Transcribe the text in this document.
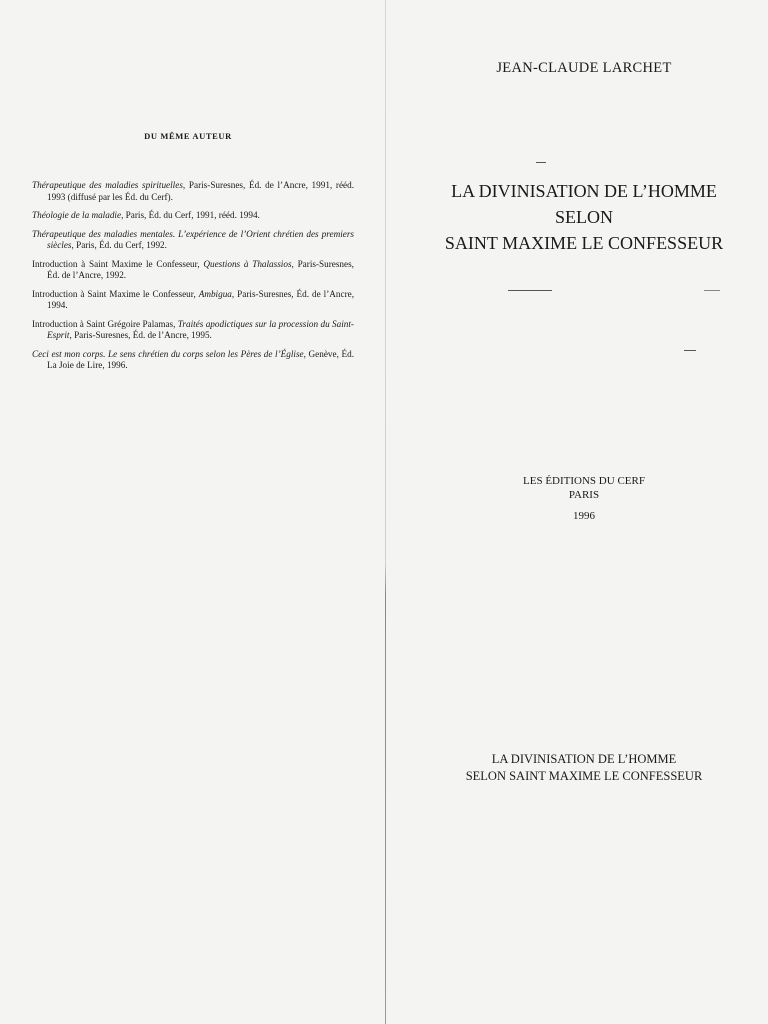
DU MÊME AUTEUR
Thérapeutique des maladies spirituelles, Paris-Suresnes, Éd. de l’Ancre, 1991, rééd. 1993 (diffusé par les Éd. du Cerf).
Théologie de la maladie, Paris, Éd. du Cerf, 1991, rééd. 1994.
Thérapeutique des maladies mentales. L’expérience de l’Orient chrétien des premiers siècles, Paris, Éd. du Cerf, 1992.
Introduction à Saint Maxime le Confesseur, Questions à Thalassios, Paris-Suresnes, Éd. de l’Ancre, 1992.
Introduction à Saint Maxime le Confesseur, Ambigua, Paris-Suresnes, Éd. de l’Ancre, 1994.
Introduction à Saint Grégoire Palamas, Traités apodictiques sur la procession du Saint-Esprit, Paris-Suresnes, Éd. de l’Ancre, 1995.
Ceci est mon corps. Le sens chrétien du corps selon les Pères de l’Église, Genève, Éd. La Joie de Lire, 1996.
JEAN-CLAUDE LARCHET
LA DIVINISATION DE L’HOMME
SELON
SAINT MAXIME LE CONFESSEUR
LES ÉDITIONS DU CERF
PARIS
1996
LA DIVINISATION DE L’HOMME
SELON SAINT MAXIME LE CONFESSEUR
